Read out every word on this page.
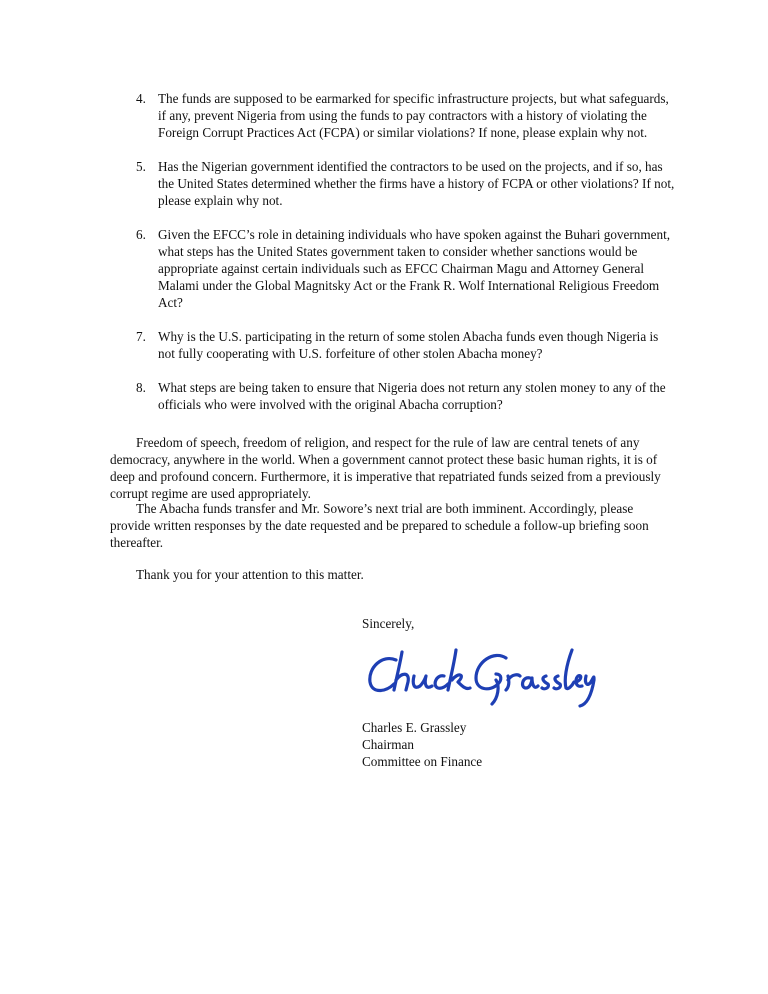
4. The funds are supposed to be earmarked for specific infrastructure projects, but what safeguards, if any, prevent Nigeria from using the funds to pay contractors with a history of violating the Foreign Corrupt Practices Act (FCPA) or similar violations? If none, please explain why not.
5. Has the Nigerian government identified the contractors to be used on the projects, and if so, has the United States determined whether the firms have a history of FCPA or other violations? If not, please explain why not.
6. Given the EFCC’s role in detaining individuals who have spoken against the Buhari government, what steps has the United States government taken to consider whether sanctions would be appropriate against certain individuals such as EFCC Chairman Magu and Attorney General Malami under the Global Magnitsky Act or the Frank R. Wolf International Religious Freedom Act?
7. Why is the U.S. participating in the return of some stolen Abacha funds even though Nigeria is not fully cooperating with U.S. forfeiture of other stolen Abacha money?
8. What steps are being taken to ensure that Nigeria does not return any stolen money to any of the officials who were involved with the original Abacha corruption?

Freedom of speech, freedom of religion, and respect for the rule of law are central tenets of any democracy, anywhere in the world. When a government cannot protect these basic human rights, it is of deep and profound concern. Furthermore, it is imperative that repatriated funds seized from a previously corrupt regime are used appropriately.

The Abacha funds transfer and Mr. Sowore’s next trial are both imminent. Accordingly, please provide written responses by the date requested and be prepared to schedule a follow-up briefing soon thereafter.

Thank you for your attention to this matter.

Sincerely,
Charles E. Grassley
Chairman
Committee on Finance
